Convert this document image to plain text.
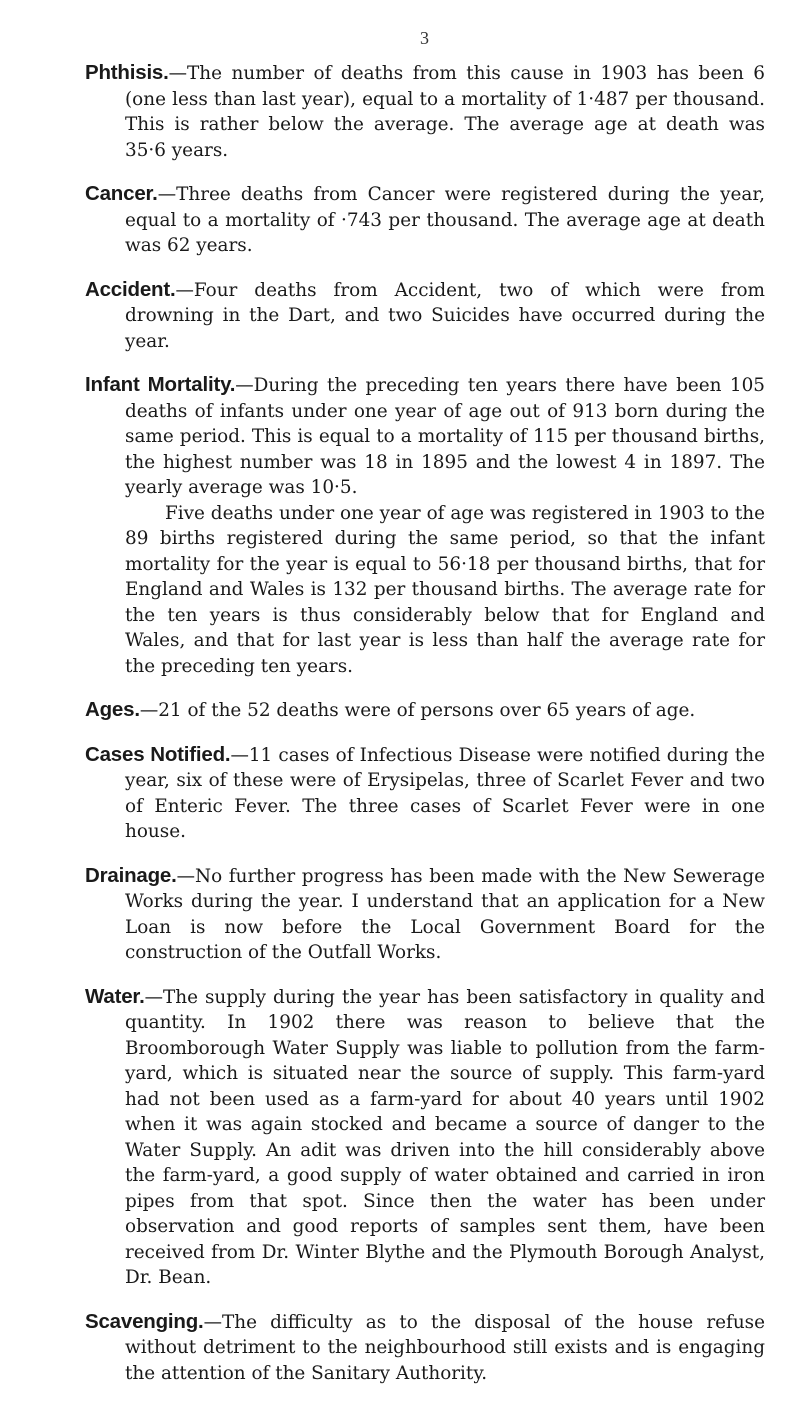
3

Phthisis.—The number of deaths from this cause in 1903 has been 6 (one less than last year), equal to a mortality of 1·487 per thousand. This is rather below the average. The average age at death was 35·6 years.

Cancer.—Three deaths from Cancer were registered during the year, equal to a mortality of ·743 per thousand. The average age at death was 62 years.

Accident.—Four deaths from Accident, two of which were from drowning in the Dart, and two Suicides have occurred during the year.

Infant Mortality.—During the preceding ten years there have been 105 deaths of infants under one year of age out of 913 born during the same period. This is equal to a mortality of 115 per thousand births, the highest number was 18 in 1895 and the lowest 4 in 1897. The yearly average was 10·5.

Five deaths under one year of age was registered in 1903 to the 89 births registered during the same period, so that the infant mortality for the year is equal to 56·18 per thousand births, that for England and Wales is 132 per thousand births. The average rate for the ten years is thus considerably below that for England and Wales, and that for last year is less than half the average rate for the preceding ten years.

Ages.—21 of the 52 deaths were of persons over 65 years of age.

Cases Notified.—11 cases of Infectious Disease were notified during the year, six of these were of Erysipelas, three of Scarlet Fever and two of Enteric Fever. The three cases of Scarlet Fever were in one house.

Drainage.—No further progress has been made with the New Sewerage Works during the year. I understand that an application for a New Loan is now before the Local Government Board for the construction of the Outfall Works.

Water.—The supply during the year has been satisfactory in quality and quantity. In 1902 there was reason to believe that the Broomborough Water Supply was liable to pollution from the farm-yard, which is situated near the source of supply. This farm-yard had not been used as a farm-yard for about 40 years until 1902 when it was again stocked and became a source of danger to the Water Supply. An adit was driven into the hill considerably above the farm-yard, a good supply of water obtained and carried in iron pipes from that spot. Since then the water has been under observation and good reports of samples sent them, have been received from Dr. Winter Blythe and the Plymouth Borough Analyst, Dr. Bean.

Scavenging.—The difficulty as to the disposal of the house refuse without detriment to the neighbourhood still exists and is engaging the attention of the Sanitary Authority.
